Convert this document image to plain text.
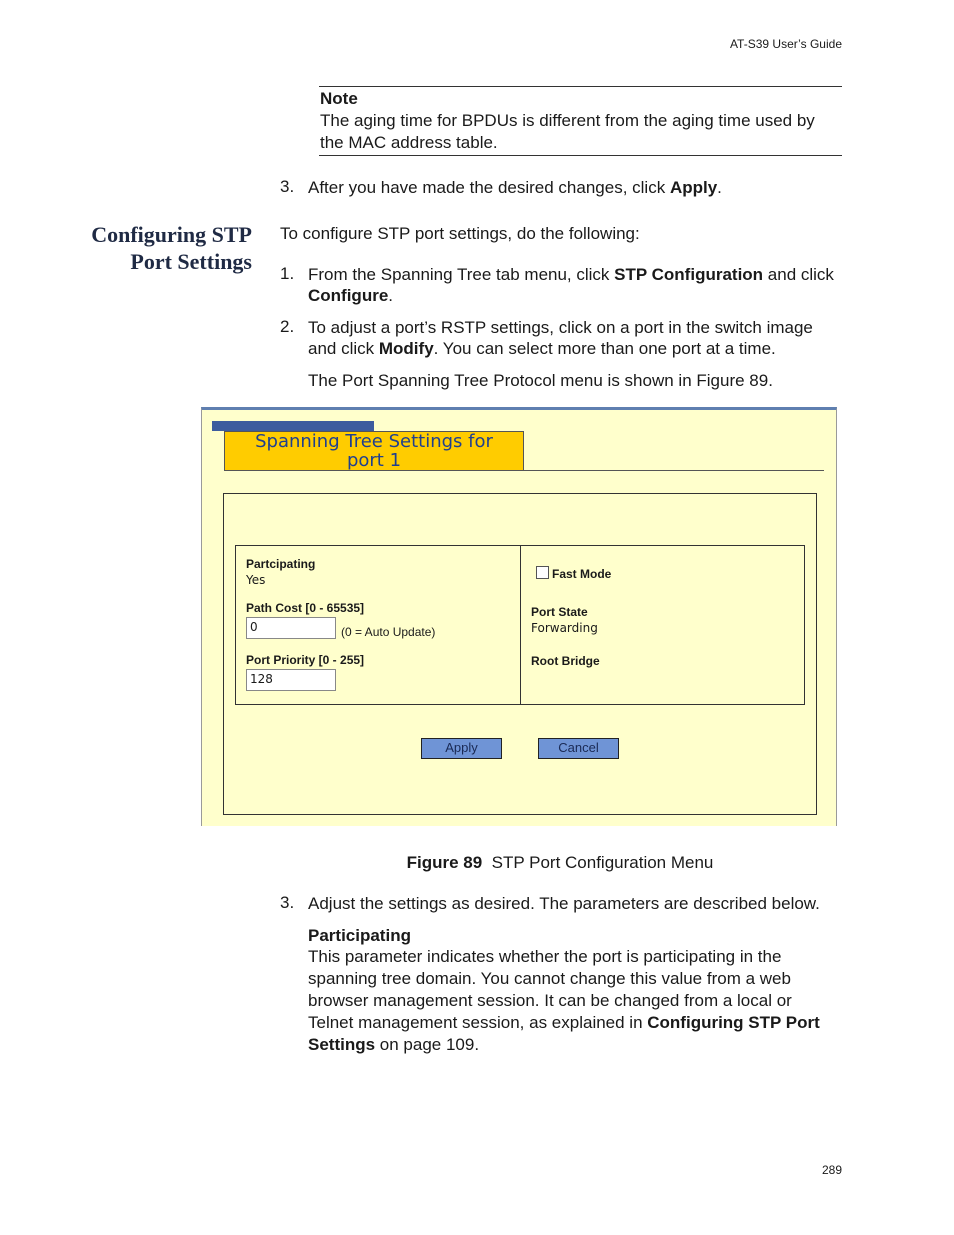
AT-S39 User’s Guide
Note
The aging time for BPDUs is different from the aging time used by the MAC address table.
3. After you have made the desired changes, click Apply.
Configuring STP
Port Settings
To configure STP port settings, do the following:
1. From the Spanning Tree tab menu, click STP Configuration and click Configure.
2. To adjust a port’s RSTP settings, click on a port in the switch image and click Modify. You can select more than one port at a time.
The Port Spanning Tree Protocol menu is shown in Figure 89.
Spanning Tree Settings for
port 1
Partcipating
Yes
Path Cost [0 - 65535]
0	(0 = Auto Update)
Port Priority [0 - 255]
128
Fast Mode
Port State
Forwarding
Root Bridge
Apply	Cancel
Figure 89 STP Port Configuration Menu
3. Adjust the settings as desired. The parameters are described below.
Participating
This parameter indicates whether the port is participating in the spanning tree domain. You cannot change this value from a web browser management session. It can be changed from a local or Telnet management session, as explained in Configuring STP Port Settings on page 109.
289
